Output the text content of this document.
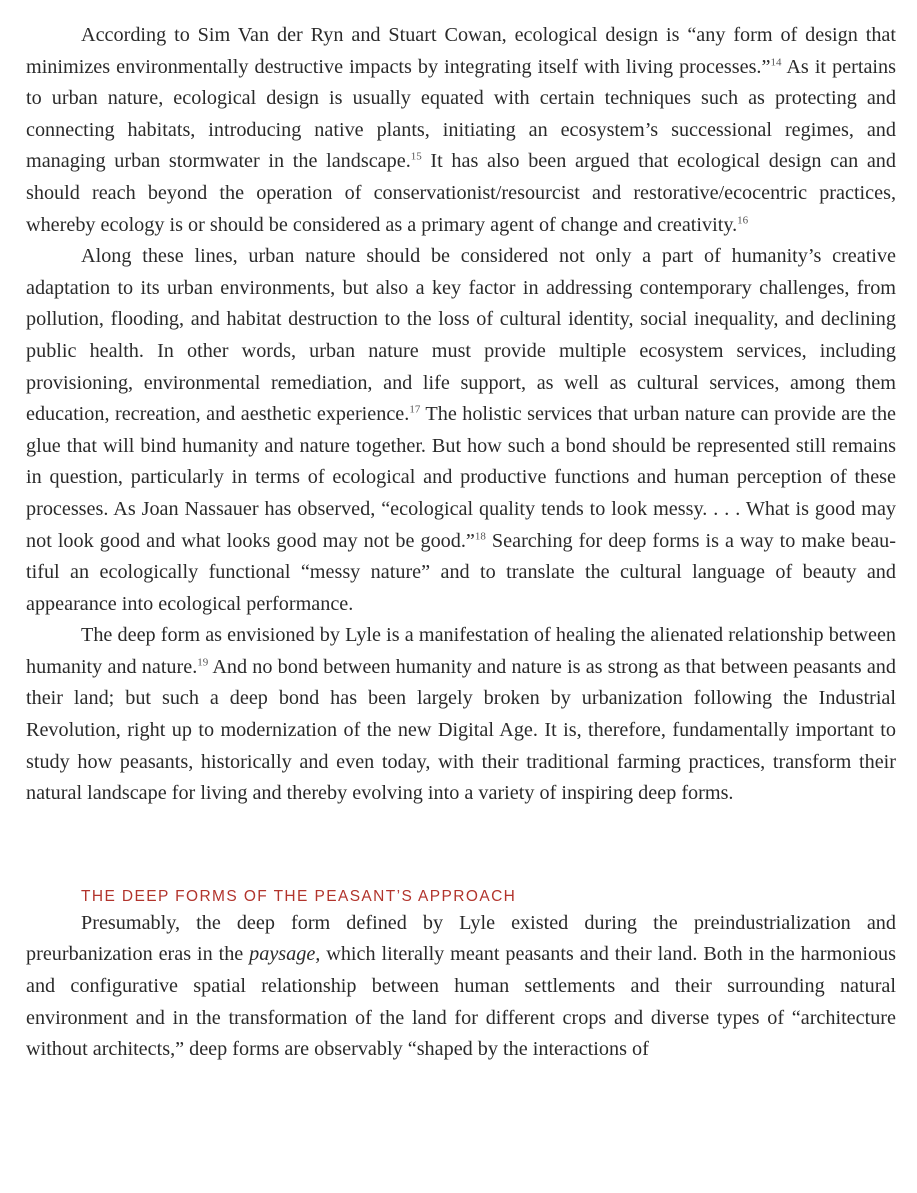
According to Sim Van der Ryn and Stuart Cowan, ecological design is “any form of design that minimizes environmentally destructive impacts by integrating itself with living processes.”$^{14}$ As it pertains to urban nature, ecological design is usually equated with certain techniques such as protecting and connecting habitats, introducing native plants, initiating an ecosystem’s successional regimes, and managing urban stormwater in the landscape.$^{15}$ It has also been argued that ecological design can and should reach beyond the operation of conservationist/resourcist and restorative/ecocentric practices, whereby ecology is or should be considered as a primary agent of change and creativity.$^{16}$

Along these lines, urban nature should be considered not only a part of humanity’s creative adaptation to its urban environments, but also a key factor in addressing contemporary challenges, from pollution, flooding, and habitat destruction to the loss of cultural identity, social inequality, and declining public health. In other words, urban nature must provide multiple ecosystem services, including provisioning, environmental remediation, and life support, as well as cultural services, among them education, recreation, and aesthetic experience.$^{17}$ The holistic services that urban nature can provide are the glue that will bind humanity and nature together. But how such a bond should be represented still remains in question, particularly in terms of ecological and productive functions and human perception of these processes. As Joan Nassauer has observed, “ecological quality tends to look messy. . . . What is good may not look good and what looks good may not be good.”$^{18}$ Searching for deep forms is a way to make beautiful an ecologically functional “messy nature” and to translate the cultural language of beauty and appearance into ecological performance.

The deep form as envisioned by Lyle is a manifestation of healing the alienated relationship between humanity and nature.$^{19}$ And no bond between humanity and nature is as strong as that between peasants and their land; but such a deep bond has been largely broken by urbanization following the Industrial Revolution, right up to modernization of the new Digital Age. It is, therefore, fundamentally important to study how peasants, historically and even today, with their traditional farming practices, transform their natural landscape for living and thereby evolving into a variety of inspiring deep forms.

THE DEEP FORMS OF THE PEASANT’S APPROACH

Presumably, the deep form defined by Lyle existed during the preindustrialization and preurbanization eras in the paysage, which literally meant peasants and their land. Both in the harmonious and configurative spatial relationship between human settlements and their surrounding natural environment and in the transformation of the land for different crops and diverse types of “architecture without architects,” deep forms are observably “shaped by the interactions of
